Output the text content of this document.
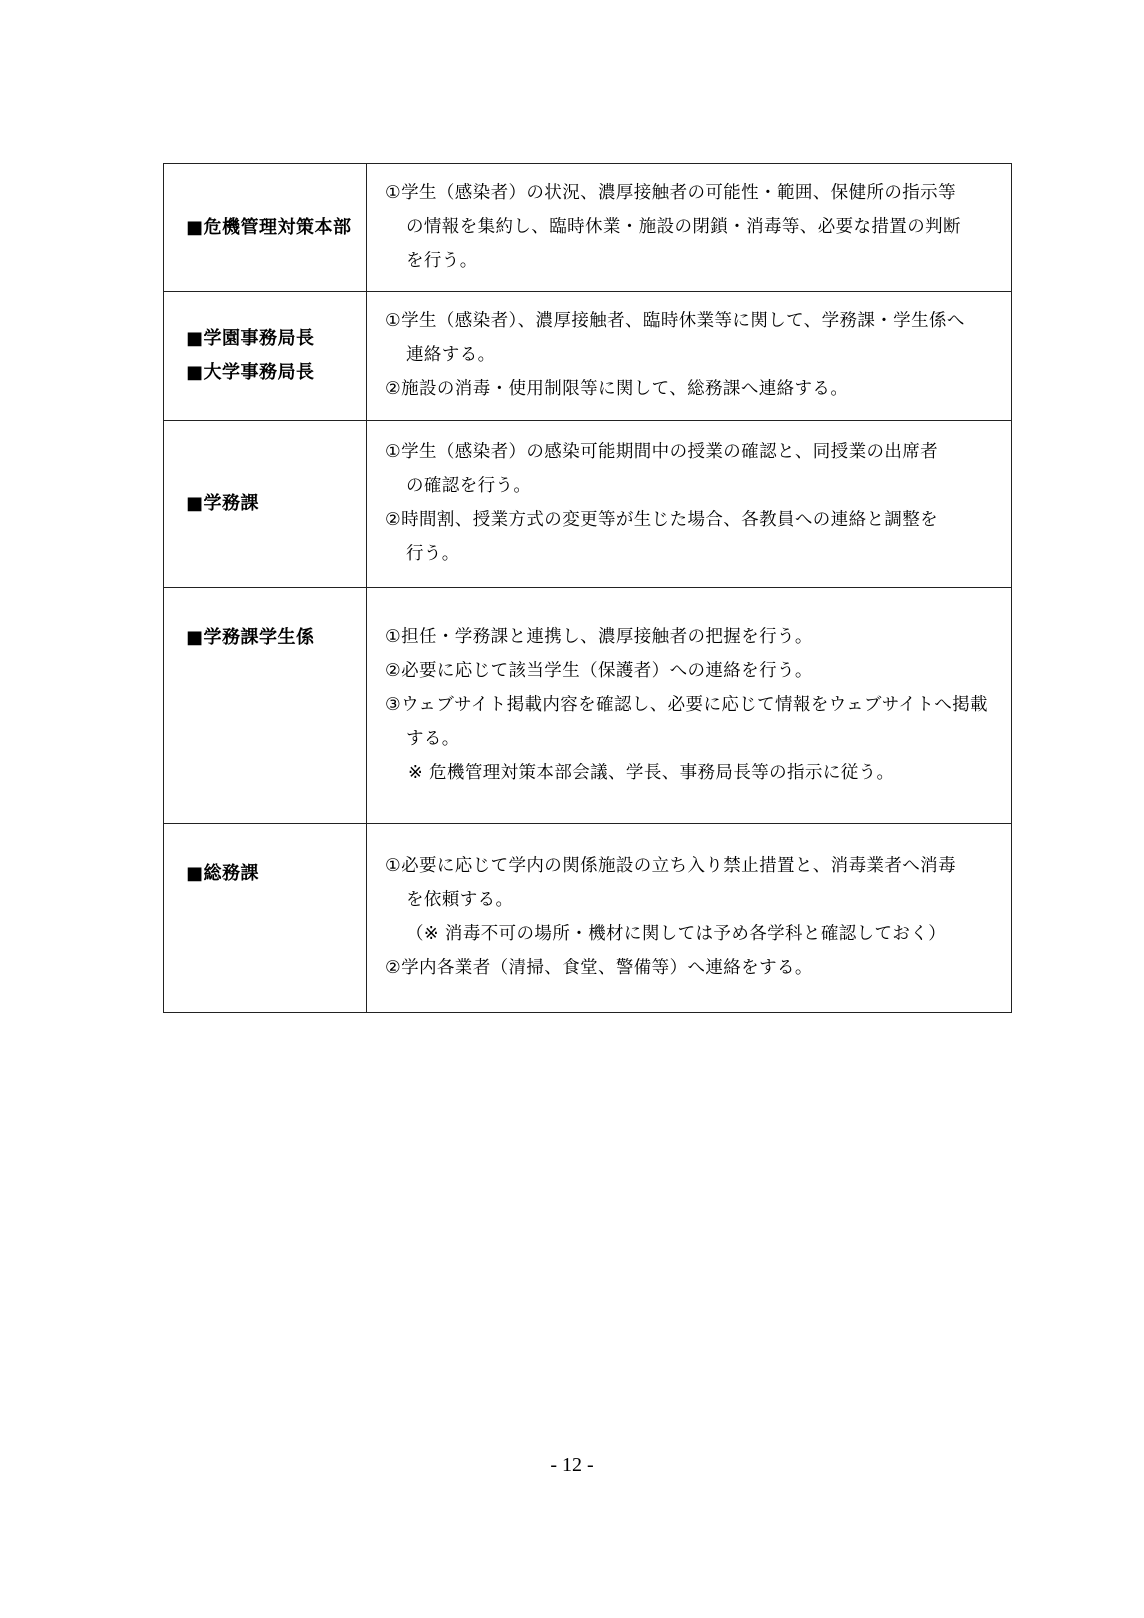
■危機管理対策本部	①学生（感染者）の状況、濃厚接触者の可能性・範囲、保健所の指示等
の情報を集約し、臨時休業・施設の閉鎖・消毒等、必要な措置の判断
を行う。

■学園事務局長
■大学事務局長	①学生（感染者）、濃厚接触者、臨時休業等に関して、学務課・学生係へ
連絡する。
②施設の消毒・使用制限等に関して、総務課へ連絡する。

■学務課	①学生（感染者）の感染可能期間中の授業の確認と、同授業の出席者
の確認を行う。
②時間割、授業方式の変更等が生じた場合、各教員への連絡と調整を
行う。

■学務課学生係	①担任・学務課と連携し、濃厚接触者の把握を行う。
②必要に応じて該当学生（保護者）への連絡を行う。
③ウェブサイト掲載内容を確認し、必要に応じて情報をウェブサイトへ掲載
する。
※ 危機管理対策本部会議、学長、事務局長等の指示に従う。

■総務課	①必要に応じて学内の関係施設の立ち入り禁止措置と、消毒業者へ消毒
を依頼する。
（※ 消毒不可の場所・機材に関しては予め各学科と確認しておく）
②学内各業者（清掃、食堂、警備等）へ連絡をする。
- 12 -
